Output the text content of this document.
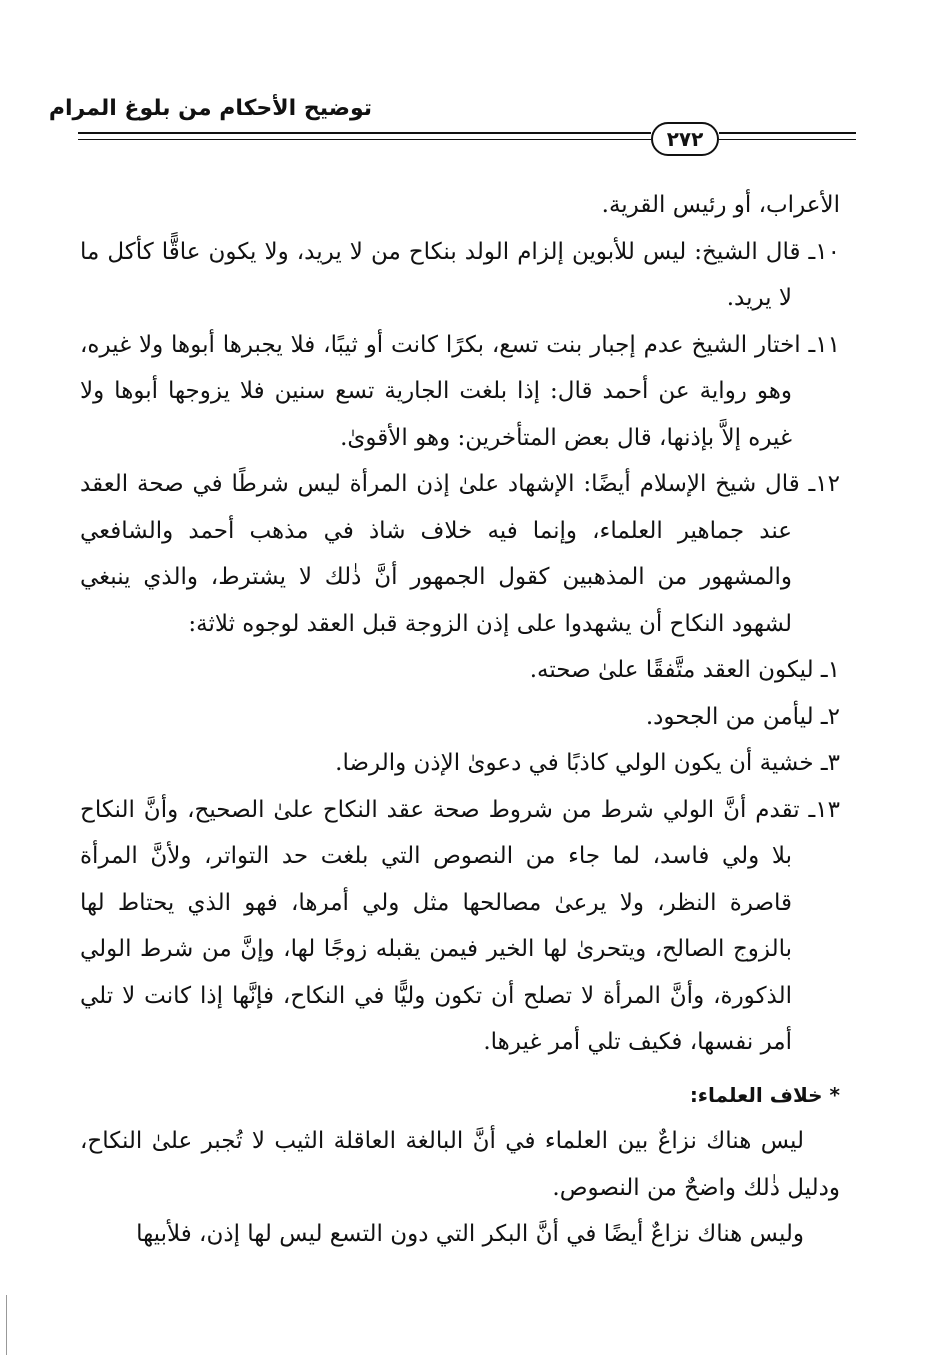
توضيح الأحكام من بلوغ المرام
٢٧٢

الأعراب، أو رئيس القرية.

١٠ـ قال الشيخ: ليس للأبوين إلزام الولد بنكاح من لا يريد، ولا يكون عاقًّا كأكل ما لا يريد.

١١ـ اختار الشيخ عدم إجبار بنت تسع، بكرًا كانت أو ثيبًا، فلا يجبرها أبوها ولا غيره، وهو رواية عن أحمد قال: إذا بلغت الجارية تسع سنين فلا يزوجها أبوها ولا غيره إلاَّ بإذنها، قال بعض المتأخرين: وهو الأقوىٰ.

١٢ـ قال شيخ الإسلام أيضًا: الإشهاد علىٰ إذن المرأة ليس شرطًا في صحة العقد عند جماهير العلماء، وإنما فيه خلاف شاذ في مذهب أحمد والشافعي والمشهور من المذهبين كقول الجمهور أنَّ ذٰلك لا يشترط، والذي ينبغي لشهود النكاح أن يشهدوا على إذن الزوجة قبل العقد لوجوه ثلاثة:

١ـ ليكون العقد متَّفقًا علىٰ صحته.

٢ـ ليأمن من الجحود.

٣ـ خشية أن يكون الولي كاذبًا في دعوىٰ الإذن والرضا.

١٣ـ تقدم أنَّ الولي شرط من شروط صحة عقد النكاح علىٰ الصحيح، وأنَّ النكاح بلا ولي فاسد، لما جاء من النصوص التي بلغت حد التواتر، ولأنَّ المرأة قاصرة النظر، ولا يرعىٰ مصالحها مثل ولي أمرها، فهو الذي يحتاط لها بالزوج الصالح، ويتحرىٰ لها الخير فيمن يقبله زوجًا لها، وإنَّ من شرط الولي الذكورة، وأنَّ المرأة لا تصلح أن تكون وليًّا في النكاح، فإنَّها إذا كانت لا تلي أمر نفسها، فكيف تلي أمر غيرها.

* خلاف العلماء:

ليس هناك نزاعٌ بين العلماء في أنَّ البالغة العاقلة الثيب لا تُجبر علىٰ النكاح، ودليل ذٰلك واضحٌ من النصوص.

وليس هناك نزاعٌ أيضًا في أنَّ البكر التي دون التسع ليس لها إذن، فلأبيها
